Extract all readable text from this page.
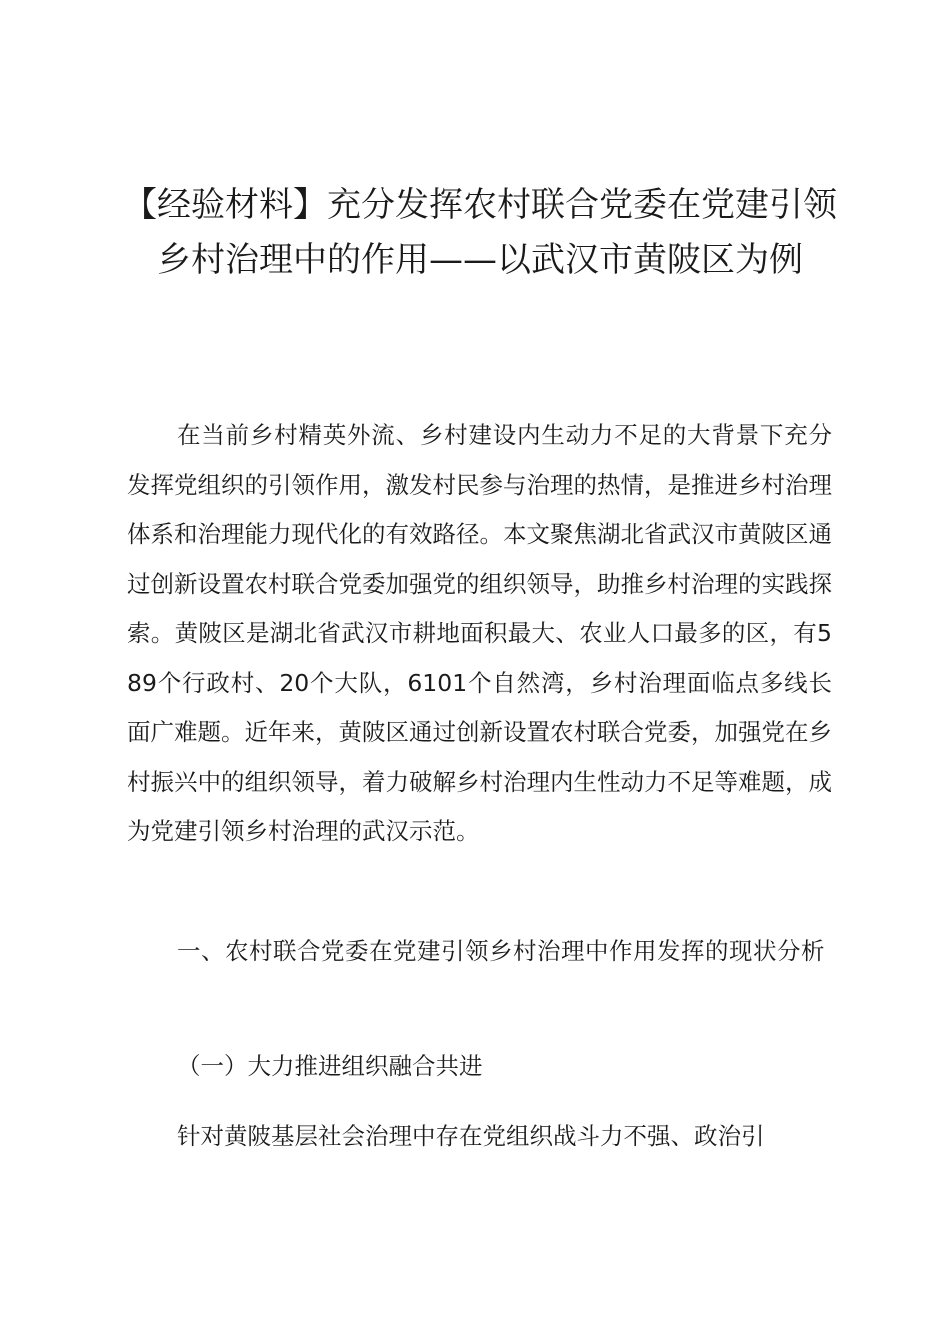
【经验材料】充分发挥农村联合党委在党建引领乡村治理中的作用——以武汉市黄陂区为例

在当前乡村精英外流、乡村建设内生动力不足的大背景下充分发挥党组织的引领作用，激发村民参与治理的热情，是推进乡村治理体系和治理能力现代化的有效路径。本文聚焦湖北省武汉市黄陂区通过创新设置农村联合党委加强党的组织领导，助推乡村治理的实践探索。黄陂区是湖北省武汉市耕地面积最大、农业人口最多的区，有589个行政村、20个大队，6101个自然湾，乡村治理面临点多线长面广难题。近年来，黄陂区通过创新设置农村联合党委，加强党在乡村振兴中的组织领导，着力破解乡村治理内生性动力不足等难题，成为党建引领乡村治理的武汉示范。

一、农村联合党委在党建引领乡村治理中作用发挥的现状分析

（一）大力推进组织融合共进

针对黄陂基层社会治理中存在党组织战斗力不强、政治引
